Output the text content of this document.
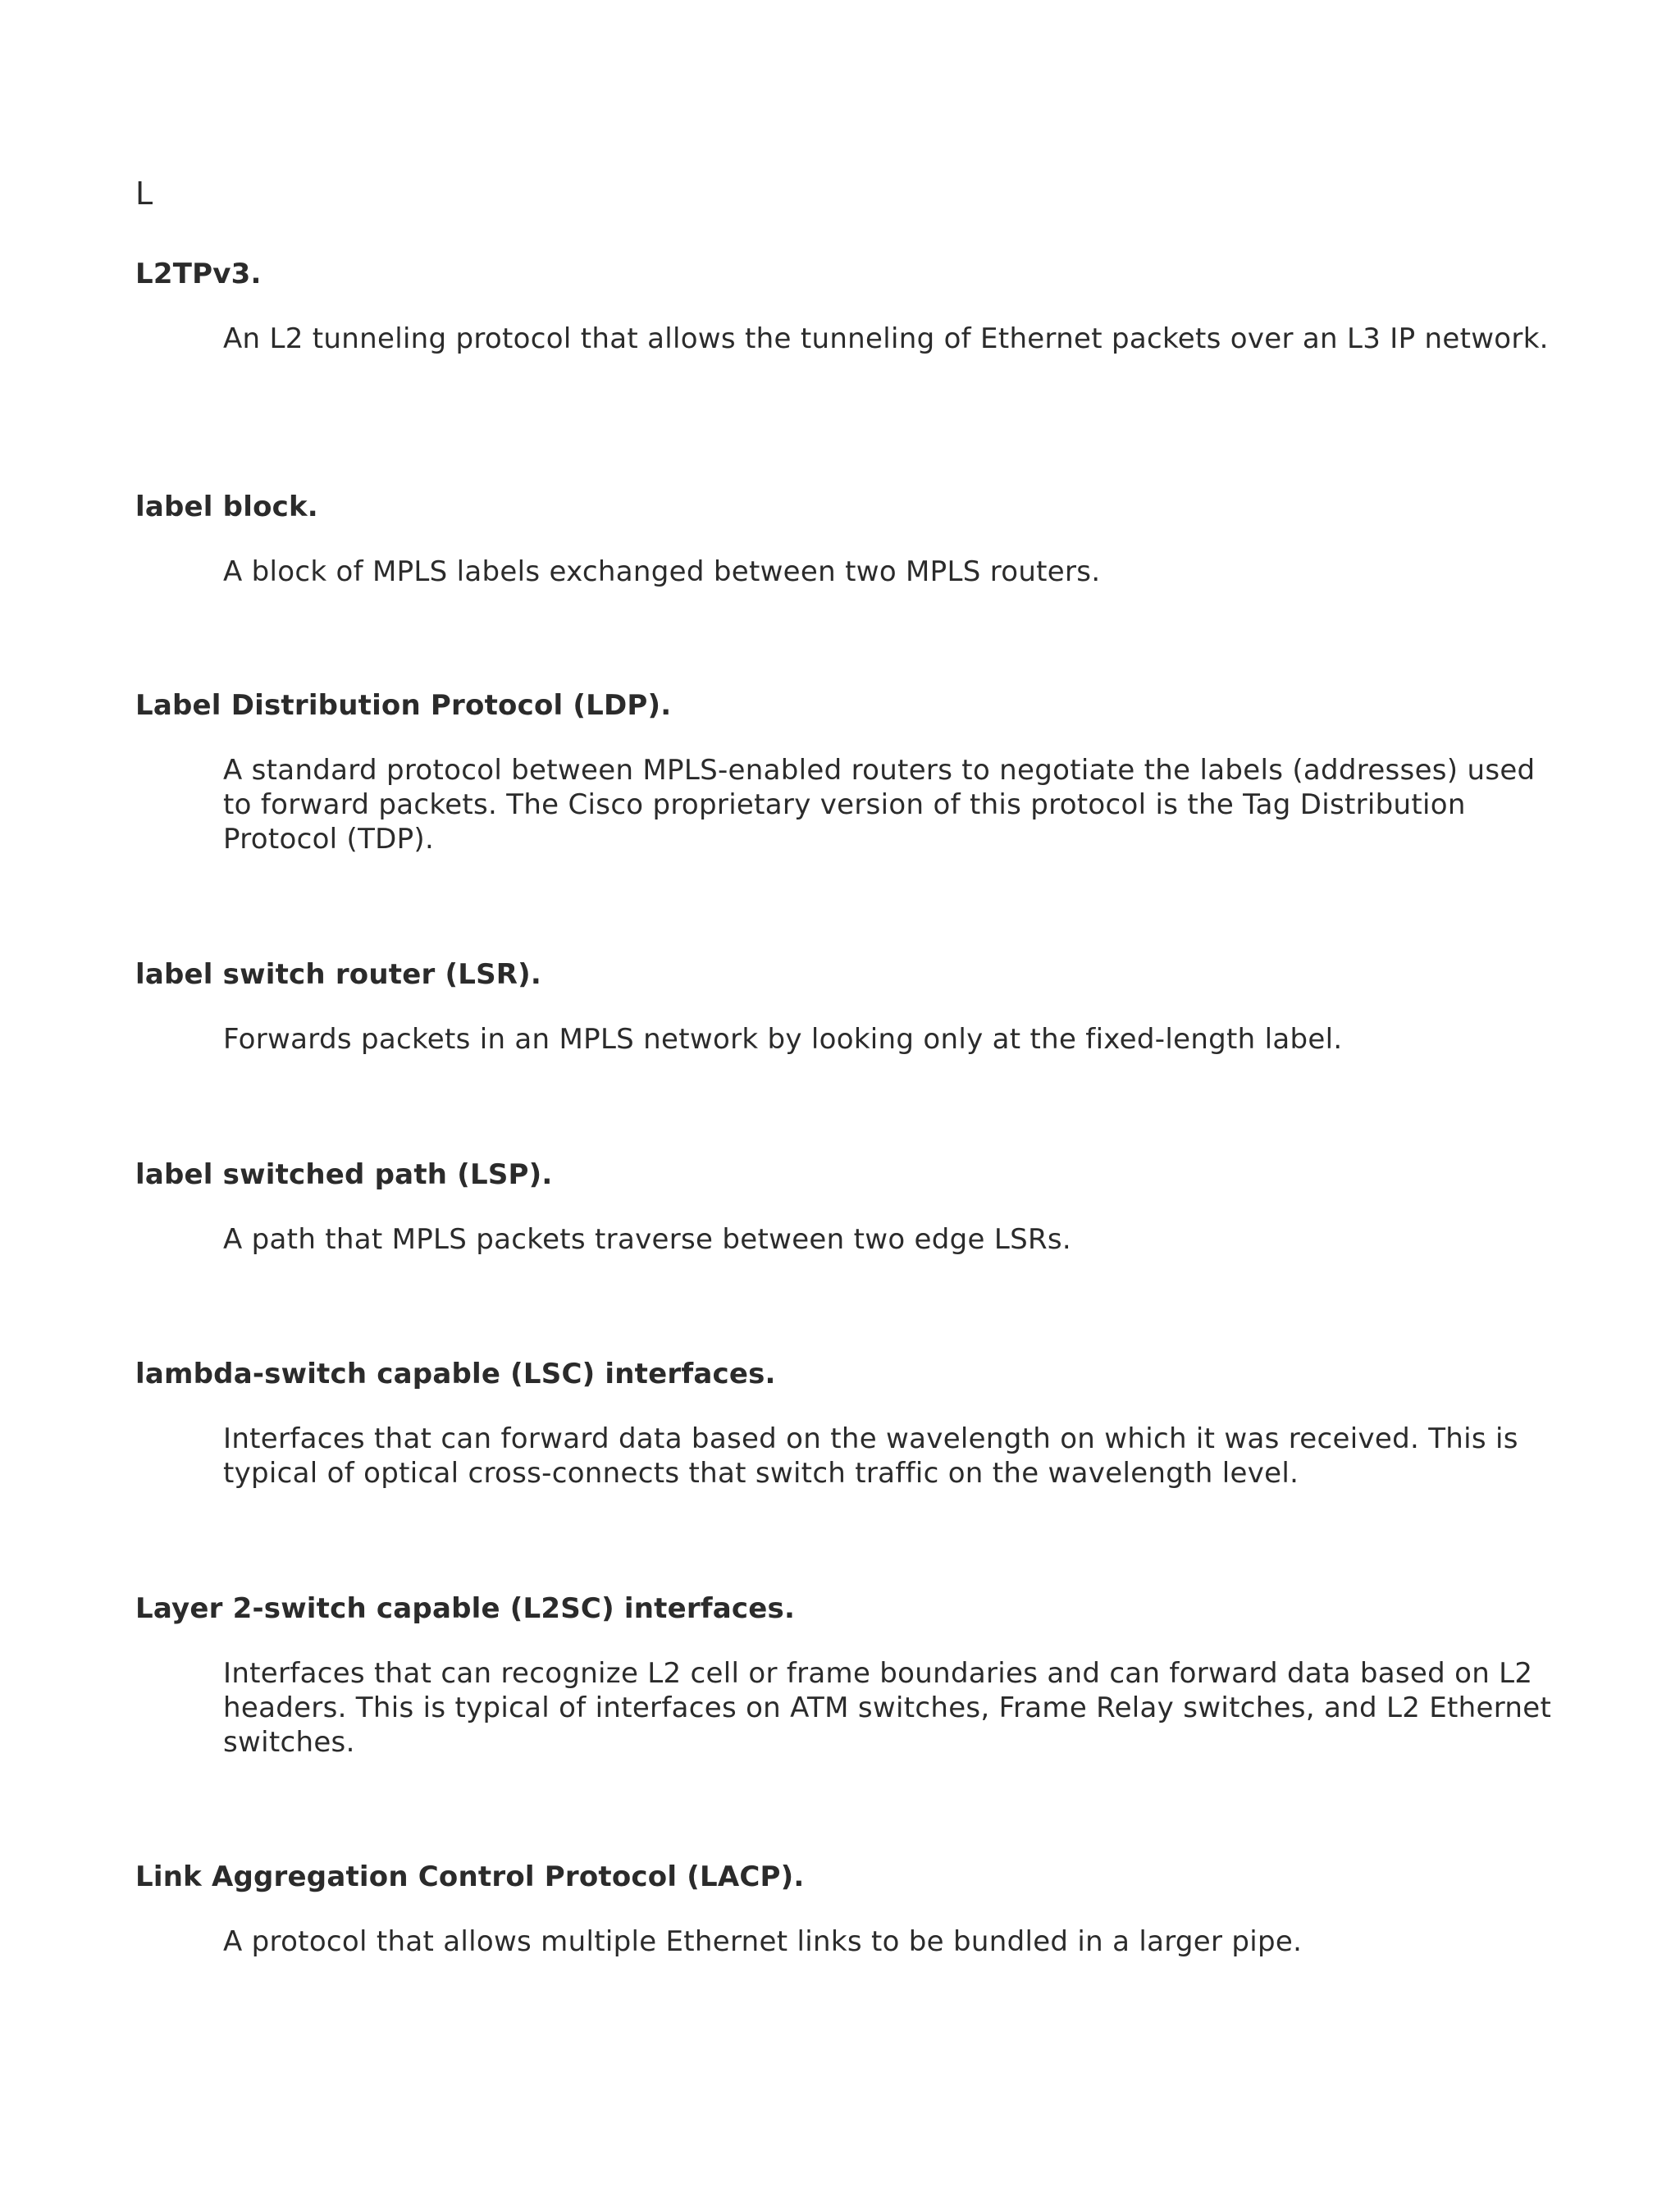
L
L2TPv3.

An L2 tunneling protocol that allows the tunneling of Ethernet packets over an L3 IP network.

label block.

A block of MPLS labels exchanged between two MPLS routers.

Label Distribution Protocol (LDP).

A standard protocol between MPLS-enabled routers to negotiate the labels (addresses) used to forward packets. The Cisco proprietary version of this protocol is the Tag Distribution Protocol (TDP).

label switch router (LSR).

Forwards packets in an MPLS network by looking only at the fixed-length label.

label switched path (LSP).

A path that MPLS packets traverse between two edge LSRs.

lambda-switch capable (LSC) interfaces.

Interfaces that can forward data based on the wavelength on which it was received. This is typical of optical cross-connects that switch traffic on the wavelength level.

Layer 2-switch capable (L2SC) interfaces.

Interfaces that can recognize L2 cell or frame boundaries and can forward data based on L2 headers. This is typical of interfaces on ATM switches, Frame Relay switches, and L2 Ethernet switches.

Link Aggregation Control Protocol (LACP).

A protocol that allows multiple Ethernet links to be bundled in a larger pipe.
